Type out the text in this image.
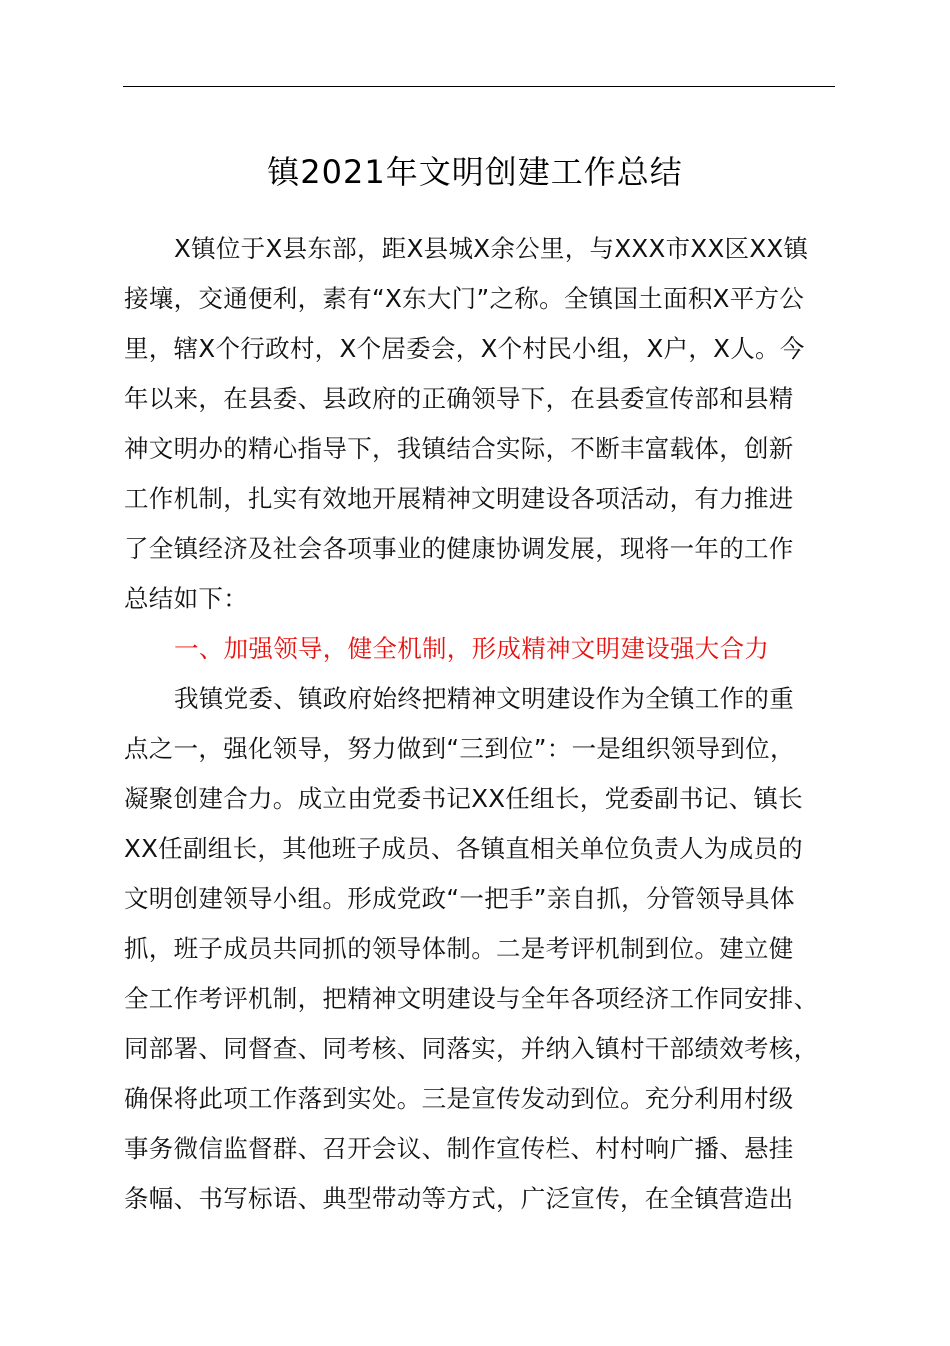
镇2021年文明创建工作总结
X镇位于X县东部，距X县城X余公里，与XXX市XX区XX镇
接壤，交通便利，素有“X东大门”之称。全镇国土面积X平方公
里，辖X个行政村，X个居委会，X个村民小组，X户，X人。今
年以来，在县委、县政府的正确领导下，在县委宣传部和县精
神文明办的精心指导下，我镇结合实际，不断丰富载体，创新
工作机制，扎实有效地开展精神文明建设各项活动，有力推进
了全镇经济及社会各项事业的健康协调发展，现将一年的工作
总结如下：
一、加强领导，健全机制，形成精神文明建设强大合力
我镇党委、镇政府始终把精神文明建设作为全镇工作的重
点之一，强化领导，努力做到“三到位”：一是组织领导到位，
凝聚创建合力。成立由党委书记XX任组长，党委副书记、镇长
XX任副组长，其他班子成员、各镇直相关单位负责人为成员的
文明创建领导小组。形成党政“一把手”亲自抓，分管领导具体
抓，班子成员共同抓的领导体制。二是考评机制到位。建立健
全工作考评机制，把精神文明建设与全年各项经济工作同安排、
同部署、同督查、同考核、同落实，并纳入镇村干部绩效考核，
确保将此项工作落到实处。三是宣传发动到位。充分利用村级
事务微信监督群、召开会议、制作宣传栏、村村响广播、悬挂
条幅、书写标语、典型带动等方式，广泛宣传，在全镇营造出
